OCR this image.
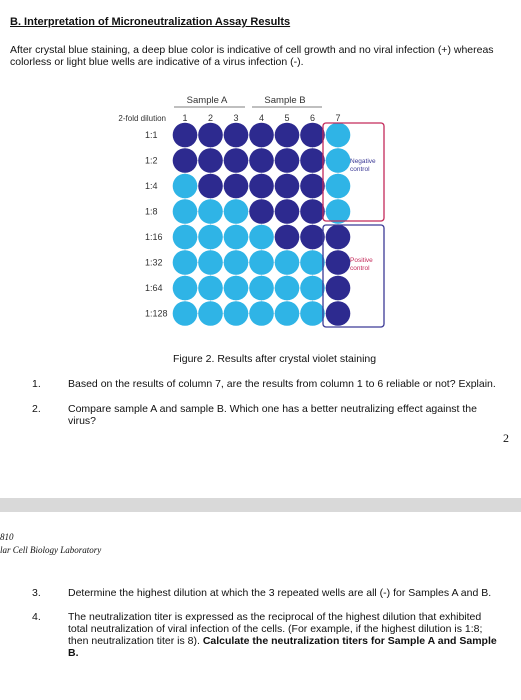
B. Interpretation of Microneutralization Assay Results
After crystal blue staining, a deep blue color is indicative of cell growth and no viral infection (+) whereas colorless or light blue wells are indicative of a virus infection (-).
Sample A	Sample B
2-fold dilution 1 2 3 4 5 6 7
1:1
1:2
1:4
1:8
1:16
1:32
1:64
1:128
Negative
control
Positive
control
Figure 2. Results after crystal violet staining
1.	Based on the results of column 7, are the results from column 1 to 6 reliable or not? Explain.
2.	Compare sample A and sample B. Which one has a better neutralizing effect against the
virus?
2
810
lar Cell Biology Laboratory
3.	Determine the highest dilution at which the 3 repeated wells are all (-) for Samples A and B.
4.	The neutralization titer is expressed as the reciprocal of the highest dilution that exhibited
total neutralization of viral infection of the cells. (For example, if the highest dilution is 1:8;
then neutralization titer is 8). Calculate the neutralization titers for Sample A and Sample
B.
